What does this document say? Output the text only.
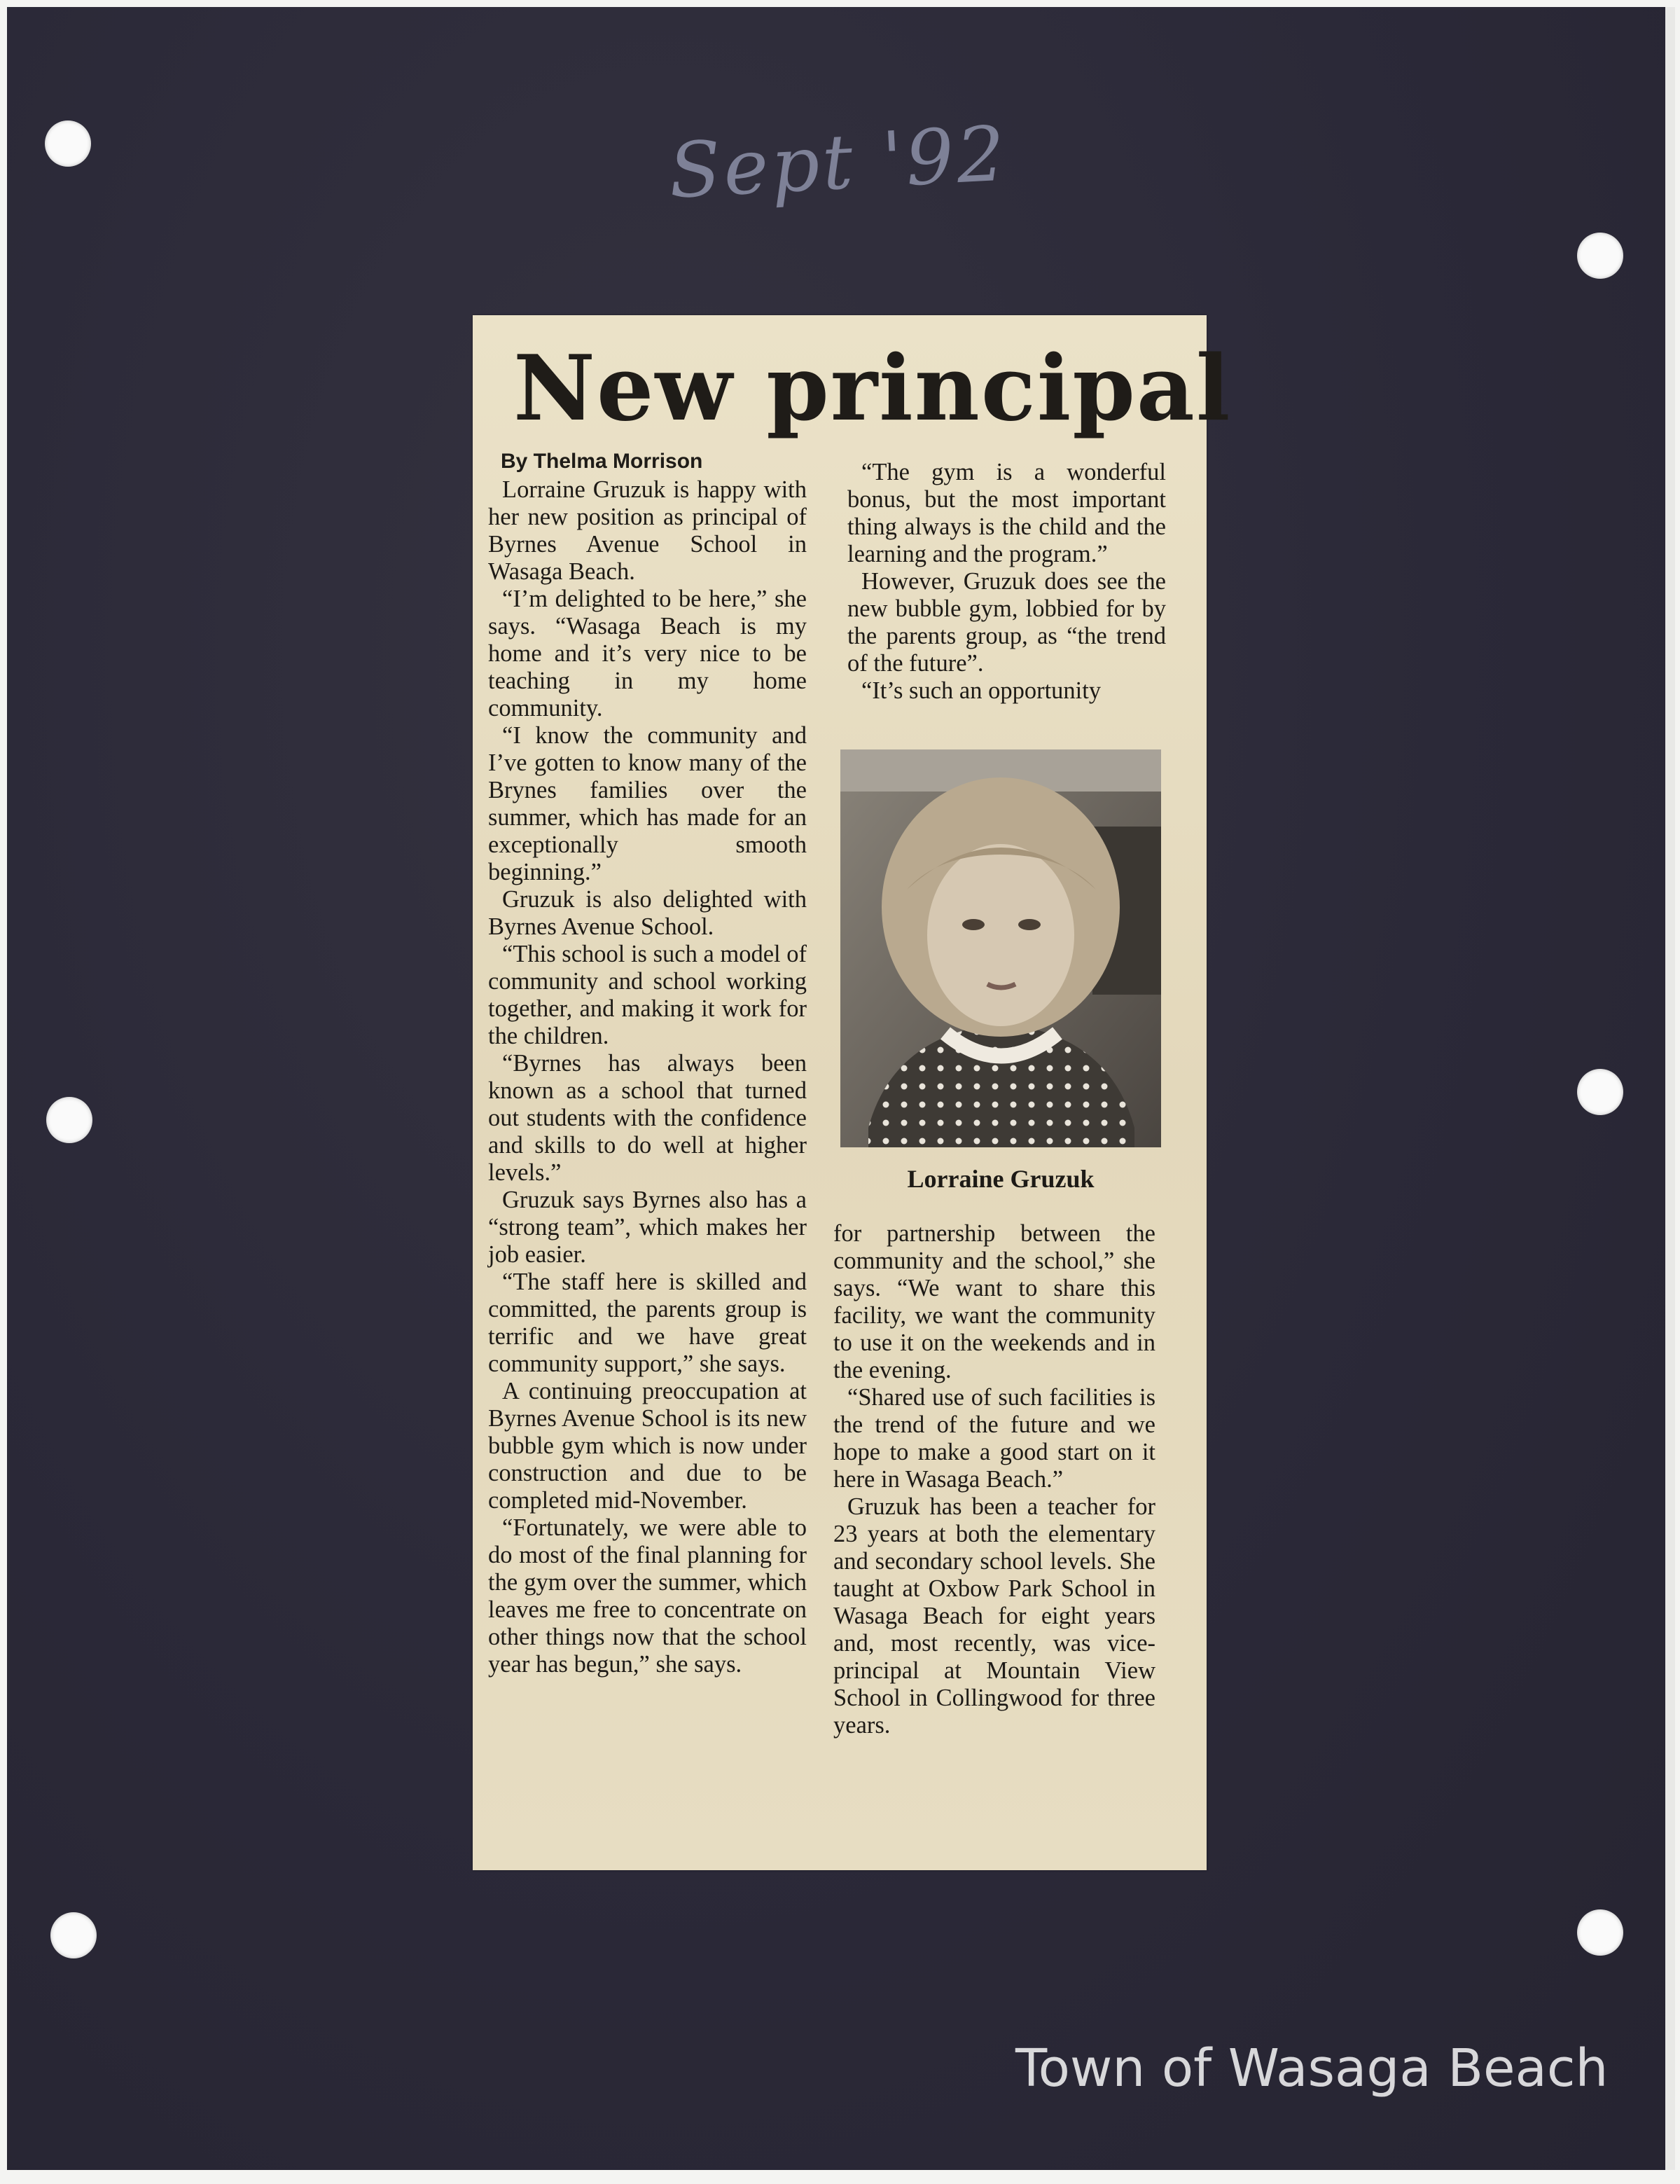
Sept '92
New principal
By Thelma Morrison

Lorraine Gruzuk is happy with her new position as principal of Byrnes Avenue School in Wasaga Beach.

“I’m delighted to be here,” she says. “Wasaga Beach is my home and it’s very nice to be teaching in my home community.

“I know the community and I’ve gotten to know many of the Brynes families over the summer, which has made for an exceptionally smooth beginning.”

Gruzuk is also delighted with Byrnes Avenue School.

“This school is such a model of community and school working together, and making it work for the children.

“Byrnes has always been known as a school that turned out students with the confidence and skills to do well at higher levels.”

Gruzuk says Byrnes also has a “strong team”, which makes her job easier.

“The staff here is skilled and committed, the parents group is terrific and we have great community support,” she says.

A continuing preoccupation at Byrnes Avenue School is its new bubble gym which is now under construction and due to be completed mid-November.

“Fortunately, we were able to do most of the final planning for the gym over the summer, which leaves me free to concentrate on other things now that the school year has begun,” she says.

“The gym is a wonderful bonus, but the most important thing always is the child and the learning and the program.”

However, Gruzuk does see the new bubble gym, lobbied for by the parents group, as “the trend of the future”.

“It’s such an opportunity

Lorraine Gruzuk

for partnership between the community and the school,” she says. “We want to share this facility, we want the community to use it on the weekends and in the evening.

“Shared use of such facilities is the trend of the future and we hope to make a good start on it here in Wasaga Beach.”

Gruzuk has been a teacher for 23 years at both the elementary and secondary school levels. She taught at Oxbow Park School in Wasaga Beach for eight years and, most recently, was vice-principal at Mountain View School in Collingwood for three years.

Town of Wasaga Beach
